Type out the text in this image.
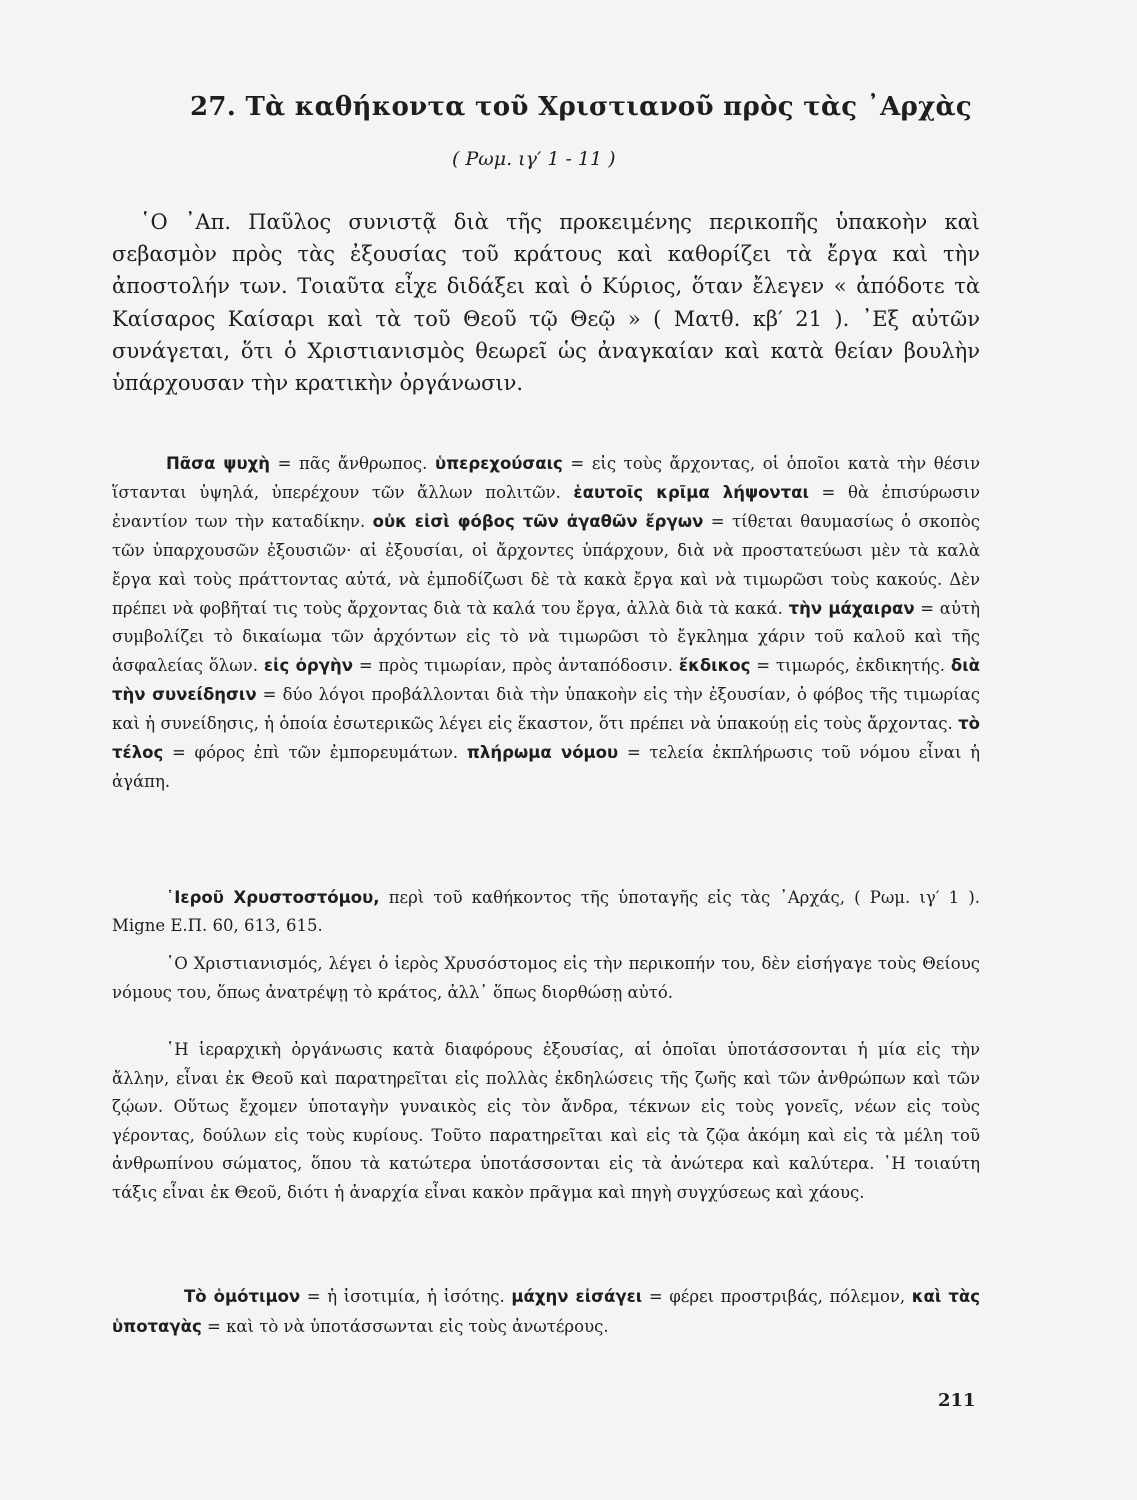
27. Τὰ καθήκοντα τοῦ Χριστιανοῦ πρὸς τὰς ᾽Αρχὰς
( Ρωμ. ιγ′ 1 - 11 )

῾Ο ᾽Απ. Παῦλος συνιστᾷ διὰ τῆς προκειμένης περικοπῆς ὑπακοὴν καὶ σεβασμὸν πρὸς τὰς ἐξουσίας τοῦ κράτους καὶ καθορίζει τὰ ἔργα καὶ τὴν ἀποστολήν των. Τοιαῦτα εἶχε διδάξει καὶ ὁ Κύριος, ὅταν ἔλεγεν « ἀπόδοτε τὰ Καίσαρος Καίσαρι καὶ τὰ τοῦ Θεοῦ τῷ Θεῷ » ( Ματθ. κβ′ 21 ). ᾽Εξ αὐτῶν συνάγεται, ὅτι ὁ Χριστιανισμὸς θεωρεῖ ὡς ἀναγκαίαν καὶ κατὰ θείαν βουλὴν ὑπάρχουσαν τὴν κρατικὴν ὀργάνωσιν.

Πᾶσα ψυχὴ = πᾶς ἄνθρωπος. ὑπερεχούσαις = εἰς τοὺς ἄρχοντας, οἱ ὁποῖοι κατὰ τὴν θέσιν ἵστανται ὑψηλά, ὑπερέχουν τῶν ἄλλων πολιτῶν. ἑαυτοῖς κρῖμα λήψονται = θὰ ἐπισύρωσιν ἐναντίον των τὴν καταδίκην. οὐκ εἰσὶ φόβος τῶν ἀγαθῶν ἔργων = τίθεται θαυμασίως ὁ σκοπὸς τῶν ὑπαρχουσῶν ἐξουσιῶν· αἱ ἐξουσίαι, οἱ ἄρχοντες ὑπάρχουν, διὰ νὰ προστατεύωσι μὲν τὰ καλὰ ἔργα καὶ τοὺς πράττοντας αὐτά, νὰ ἐμποδίζωσι δὲ τὰ κακὰ ἔργα καὶ νὰ τιμωρῶσι τοὺς κακούς. Δὲν πρέπει νὰ φοβῆταί τις τοὺς ἄρχοντας διὰ τὰ καλά του ἔργα, ἀλλὰ διὰ τὰ κακά. τὴν μάχαιραν = αὐτὴ συμβολίζει τὸ δικαίωμα τῶν ἀρχόντων εἰς τὸ νὰ τιμωρῶσι τὸ ἔγκλημα χάριν τοῦ καλοῦ καὶ τῆς ἀσφαλείας ὅλων. εἰς ὀργὴν = πρὸς τιμωρίαν, πρὸς ἀνταπόδοσιν. ἔκδικος = τιμωρός, ἐκδικητής. διὰ τὴν συνείδησιν = δύο λόγοι προβάλλονται διὰ τὴν ὑπακοὴν εἰς τὴν ἐξουσίαν, ὁ φόβος τῆς τιμωρίας καὶ ἡ συνείδησις, ἡ ὁποία ἐσωτερικῶς λέγει εἰς ἕκαστον, ὅτι πρέπει νὰ ὑπακούῃ εἰς τοὺς ἄρχοντας. τὸ τέλος = φόρος ἐπὶ τῶν ἐμπορευμάτων. πλήρωμα νόμου = τελεία ἐκπλήρωσις τοῦ νόμου εἶναι ἡ ἀγάπη.

῾Ιεροῦ Χρυστοστόμου, περὶ τοῦ καθήκοντος τῆς ὑποταγῆς εἰς τὰς ᾽Αρχάς, ( Ρωμ. ιγ′ 1 ). Migne Ε.Π. 60, 613, 615.

῾Ο Χριστιανισμός, λέγει ὁ ἱερὸς Χρυσόστομος εἰς τὴν περικοπήν του, δὲν εἰσήγαγε τοὺς Θείους νόμους του, ὅπως ἀνατρέψῃ τὸ κράτος, ἀλλ᾽ ὅπως διορθώσῃ αὐτό.

῾Η ἱεραρχικὴ ὀργάνωσις κατὰ διαφόρους ἐξουσίας, αἱ ὁποῖαι ὑποτάσσονται ἡ μία εἰς τὴν ἄλλην, εἶναι ἐκ Θεοῦ καὶ παρατηρεῖται εἰς πολλὰς ἐκδηλώσεις τῆς ζωῆς καὶ τῶν ἀνθρώπων καὶ τῶν ζῴων. Οὕτως ἔχομεν ὑποταγὴν γυναικὸς εἰς τὸν ἄνδρα, τέκνων εἰς τοὺς γονεῖς, νέων εἰς τοὺς γέροντας, δούλων εἰς τοὺς κυρίους. Τοῦτο παρατηρεῖται καὶ εἰς τὰ ζῷα ἀκόμη καὶ εἰς τὰ μέλη τοῦ ἀνθρωπίνου σώματος, ὅπου τὰ κατώτερα ὑποτάσσονται εἰς τὰ ἀνώτερα καὶ καλύτερα. ῾Η τοιαύτη τάξις εἶναι ἐκ Θεοῦ, διότι ἡ ἀναρχία εἶναι κακὸν πρᾶγμα καὶ πηγὴ συγχύσεως καὶ χάους.

Τὸ ὁμότιμον = ἡ ἰσοτιμία, ἡ ἰσότης. μάχην εἰσάγει = φέρει προστριβάς, πόλεμον, καὶ τὰς ὑποταγὰς = καὶ τὸ νὰ ὑποτάσσωνται εἰς τοὺς ἀνωτέρους.

211
